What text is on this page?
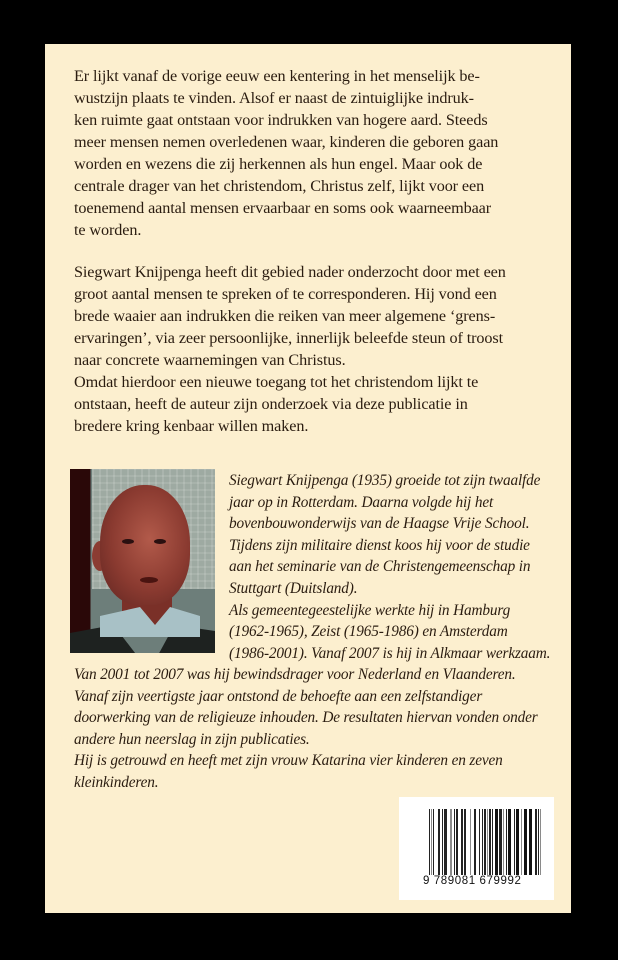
Er lijkt vanaf de vorige eeuw een kentering in het menselijk be-
wustzijn plaats te vinden. Alsof er naast de zintuiglijke indruk-
ken ruimte gaat ontstaan voor indrukken van hogere aard. Steeds
meer mensen nemen overledenen waar, kinderen die geboren gaan
worden en wezens die zij herkennen als hun engel. Maar ook de
centrale drager van het christendom, Christus zelf, lijkt voor een
toenemend aantal mensen ervaarbaar en soms ook waarneembaar
te worden.
Siegwart Knijpenga heeft dit gebied nader onderzocht door met een
groot aantal mensen te spreken of te corresponderen. Hij vond een
brede waaier aan indrukken die reiken van meer algemene ‘grens-
ervaringen’, via zeer persoonlijke, innerlijk beleefde steun of troost
naar concrete waarnemingen van Christus.
Omdat hierdoor een nieuwe toegang tot het christendom lijkt te
ontstaan, heeft de auteur zijn onderzoek via deze publicatie in
bredere kring kenbaar willen maken.
Siegwart Knijpenga (1935) groeide tot zijn twaalfde
jaar op in Rotterdam. Daarna volgde hij het
bovenbouwonderwijs van de Haagse Vrije School.
Tijdens zijn militaire dienst koos hij voor de studie
aan het seminarie van de Christengemeenschap in
Stuttgart (Duitsland).
Als gemeentegeestelijke werkte hij in Hamburg
(1962-1965), Zeist (1965-1986) en Amsterdam
(1986-2001). Vanaf 2007 is hij in Alkmaar werkzaam.
Van 2001 tot 2007 was hij bewindsdrager voor Nederland en Vlaanderen.
Vanaf zijn veertigste jaar ontstond de behoefte aan een zelfstandiger
doorwerking van de religieuze inhouden. De resultaten hiervan vonden onder
andere hun neerslag in zijn publicaties.
Hij is getrouwd en heeft met zijn vrouw Katarina vier kinderen en zeven
kleinkinderen.
9 789081 679992
